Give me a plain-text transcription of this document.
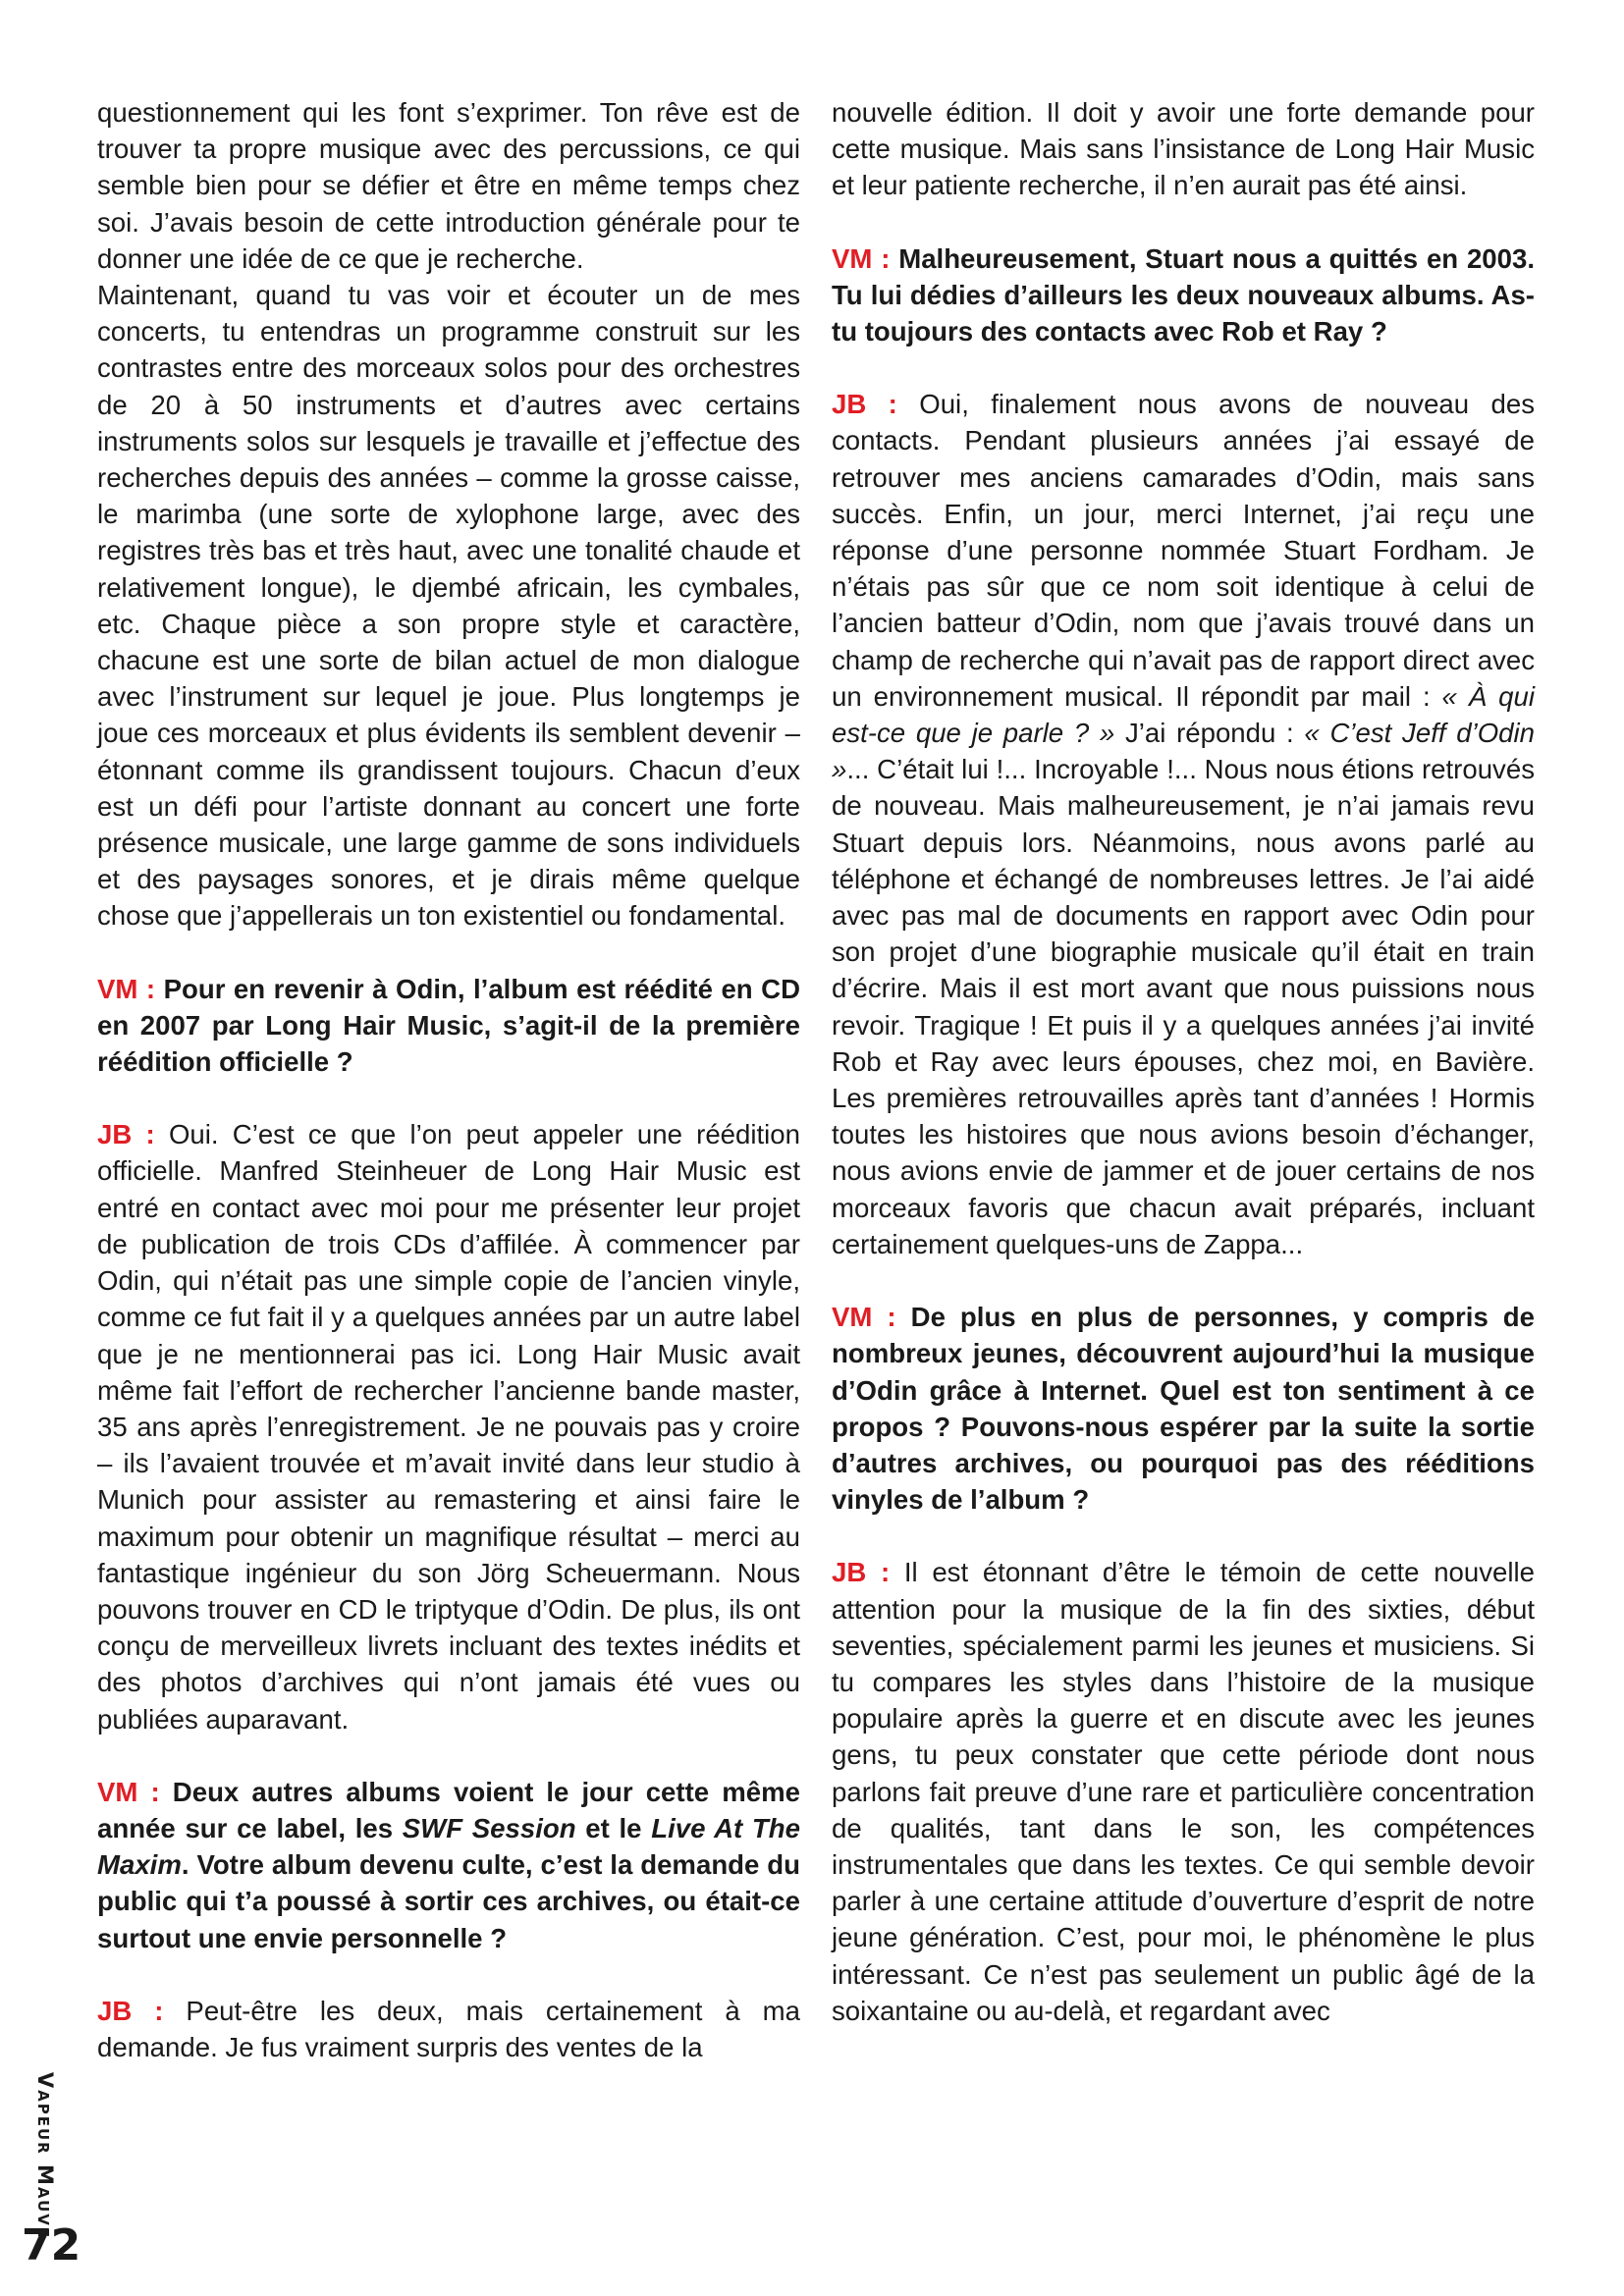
questionnement qui les font s’exprimer. Ton rêve est de trouver ta propre musique avec des percussions, ce qui semble bien pour se défier et être en même temps chez soi. J’avais besoin de cette introduction générale pour te donner une idée de ce que je recherche.

Maintenant, quand tu vas voir et écouter un de mes concerts, tu entendras un programme construit sur les contrastes entre des morceaux solos pour des orchestres de 20 à 50 instruments et d’autres avec certains instruments solos sur lesquels je travaille et j’effectue des recherches depuis des années – comme la grosse caisse, le marimba (une sorte de xylophone large, avec des registres très bas et très haut, avec une tonalité chaude et relativement longue), le djembé africain, les cymbales, etc. Chaque pièce a son propre style et caractère, chacune est une sorte de bilan actuel de mon dialogue avec l’instrument sur lequel je joue. Plus longtemps je joue ces morceaux et plus évidents ils semblent devenir – étonnant comme ils grandissent toujours. Chacun d’eux est un défi pour l’artiste donnant au concert une forte présence musicale, une large gamme de sons individuels et des paysages sonores, et je dirais même quelque chose que j’appellerais un ton existentiel ou fondamental.

VM : Pour en revenir à Odin, l’album est réédité en CD en 2007 par Long Hair Music, s’agit-il de la première réédition officielle ?

JB : Oui. C’est ce que l’on peut appeler une réédition officielle. Manfred Steinheuer de Long Hair Music est entré en contact avec moi pour me présenter leur projet de publication de trois CDs d’affilée. À commencer par Odin, qui n’était pas une simple copie de l’ancien vinyle, comme ce fut fait il y a quelques années par un autre label que je ne mentionnerai pas ici. Long Hair Music avait même fait l’effort de rechercher l’ancienne bande master, 35 ans après l’enregistrement. Je ne pouvais pas y croire – ils l’avaient trouvée et m’avait invité dans leur studio à Munich pour assister au remastering et ainsi faire le maximum pour obtenir un magnifique résultat – merci au fantastique ingénieur du son Jörg Scheuermann. Nous pouvons trouver en CD le triptyque d’Odin. De plus, ils ont conçu de merveilleux livrets incluant des textes inédits et des photos d’archives qui n’ont jamais été vues ou publiées auparavant.

VM : Deux autres albums voient le jour cette même année sur ce label, les SWF Session et le Live At The Maxim. Votre album devenu culte, c’est la demande du public qui t’a poussé à sortir ces archives, ou était-ce surtout une envie personnelle ?

JB : Peut-être les deux, mais certainement à ma demande. Je fus vraiment surpris des ventes de la

nouvelle édition. Il doit y avoir une forte demande pour cette musique. Mais sans l’insistance de Long Hair Music et leur patiente recherche, il n’en aurait pas été ainsi.

VM : Malheureusement, Stuart nous a quittés en 2003. Tu lui dédies d’ailleurs les deux nouveaux albums. As-tu toujours des contacts avec Rob et Ray ?

JB : Oui, finalement nous avons de nouveau des contacts. Pendant plusieurs années j’ai essayé de retrouver mes anciens camarades d’Odin, mais sans succès. Enfin, un jour, merci Internet, j’ai reçu une réponse d’une personne nommée Stuart Fordham. Je n’étais pas sûr que ce nom soit identique à celui de l’ancien batteur d’Odin, nom que j’avais trouvé dans un champ de recherche qui n’avait pas de rapport direct avec un environnement musical. Il répondit par mail : « À qui est-ce que je parle ? » J’ai répondu : « C’est Jeff d’Odin »... C’était lui !... Incroyable !... Nous nous étions retrouvés de nouveau. Mais malheureusement, je n’ai jamais revu Stuart depuis lors. Néanmoins, nous avons parlé au téléphone et échangé de nombreuses lettres. Je l’ai aidé avec pas mal de documents en rapport avec Odin pour son projet d’une biographie musicale qu’il était en train d’écrire. Mais il est mort avant que nous puissions nous revoir. Tragique ! Et puis il y a quelques années j’ai invité Rob et Ray avec leurs épouses, chez moi, en Bavière. Les premières retrouvailles après tant d’années ! Hormis toutes les histoires que nous avions besoin d’échanger, nous avions envie de jammer et de jouer certains de nos morceaux favoris que chacun avait préparés, incluant certainement quelques-uns de Zappa...

VM : De plus en plus de personnes, y compris de nombreux jeunes, découvrent aujourd’hui la musique d’Odin grâce à Internet. Quel est ton sentiment à ce propos ? Pouvons-nous espérer par la suite la sortie d’autres archives, ou pourquoi pas des rééditions vinyles de l’album ?

JB : Il est étonnant d’être le témoin de cette nouvelle attention pour la musique de la fin des sixties, début seventies, spécialement parmi les jeunes et musiciens. Si tu compares les styles dans l’histoire de la musique populaire après la guerre et en discute avec les jeunes gens, tu peux constater que cette période dont nous parlons fait preuve d’une rare et particulière concentration de qualités, tant dans le son, les compétences instrumentales que dans les textes. Ce qui semble devoir parler à une certaine attitude d’ouverture d’esprit de notre jeune génération. C’est, pour moi, le phénomène le plus intéressant. Ce n’est pas seulement un public âgé de la soixantaine ou au-delà, et regardant avec

Vapeur Mauve
72
